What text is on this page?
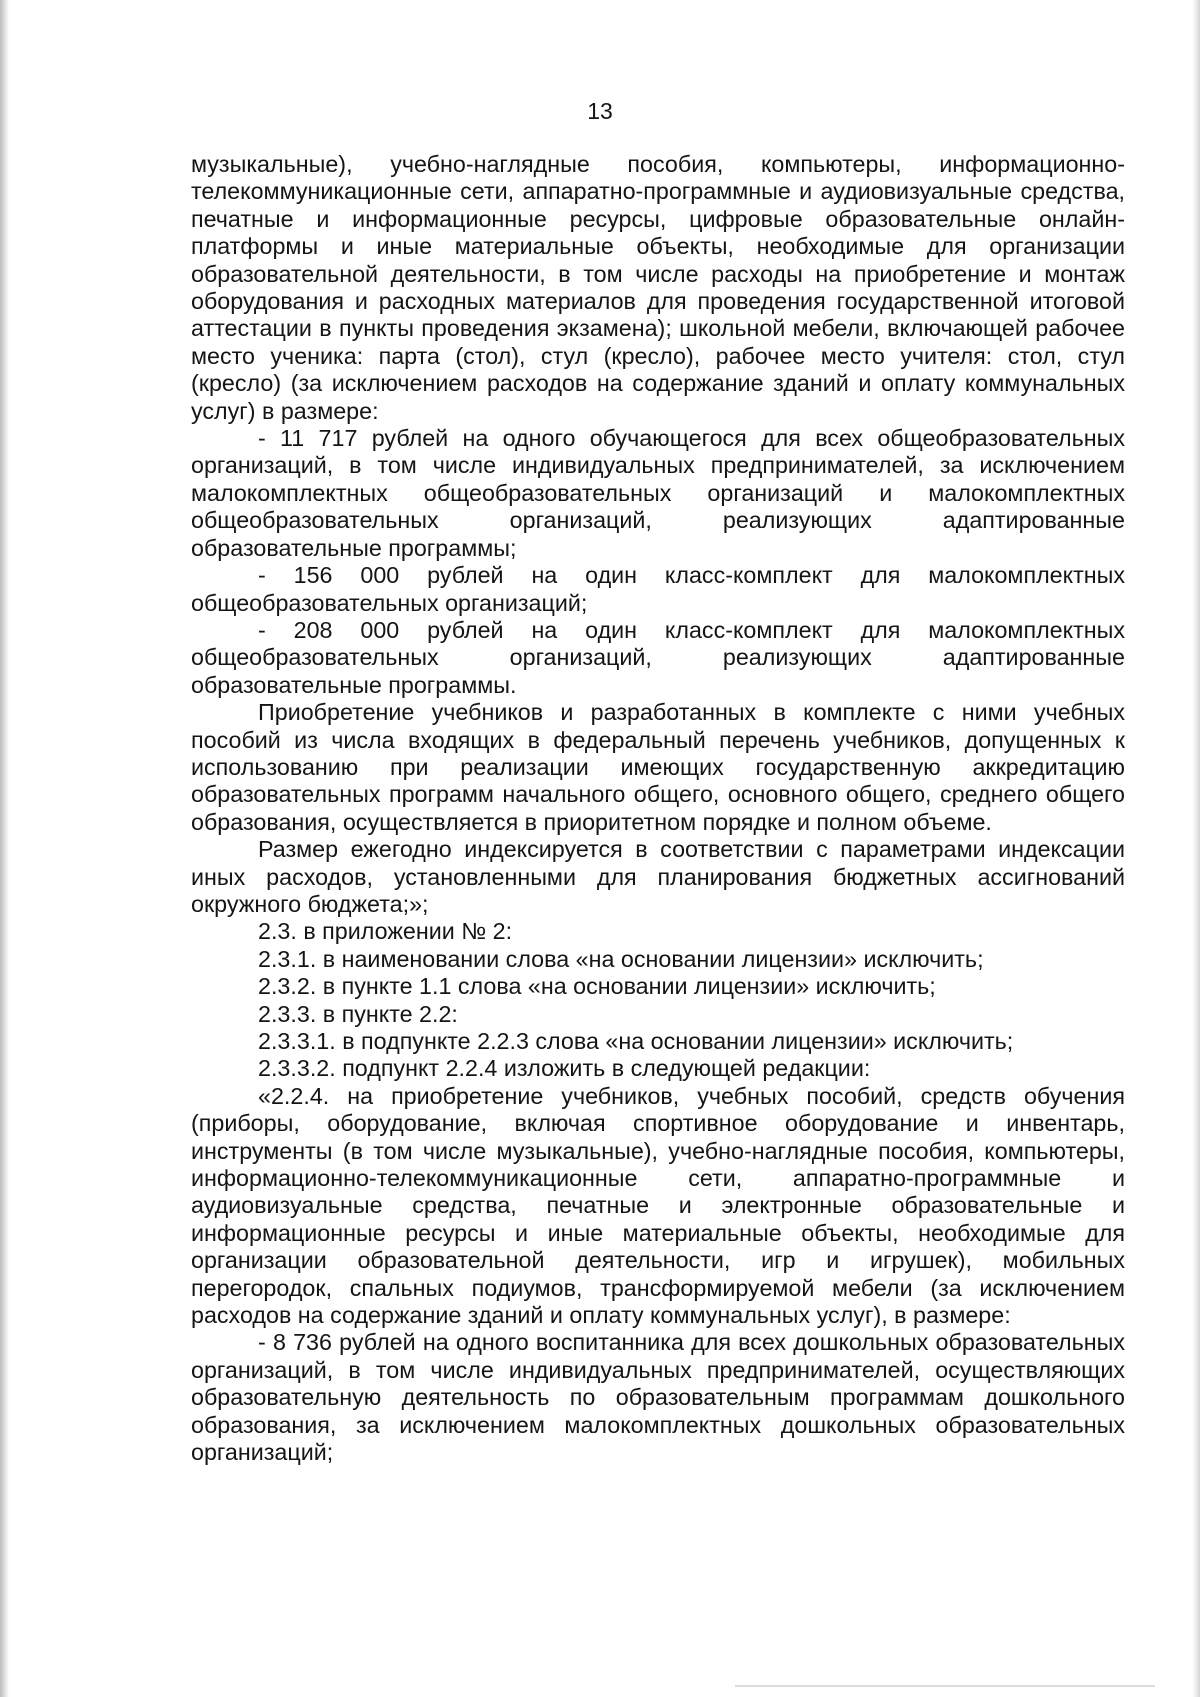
13

музыкальные), учебно-наглядные пособия, компьютеры, информационно-телекоммуникационные сети, аппаратно-программные и аудиовизуальные средства, печатные и информационные ресурсы, цифровые образовательные онлайн-платформы и иные материальные объекты, необходимые для организации образовательной деятельности, в том числе расходы на приобретение и монтаж оборудования и расходных материалов для проведения государственной итоговой аттестации в пункты проведения экзамена); школьной мебели, включающей рабочее место ученика: парта (стол), стул (кресло), рабочее место учителя: стол, стул (кресло) (за исключением расходов на содержание зданий и оплату коммунальных услуг) в размере:

- 11 717 рублей на одного обучающегося для всех общеобразовательных организаций, в том числе индивидуальных предпринимателей, за исключением малокомплектных общеобразовательных организаций и малокомплектных общеобразовательных организаций, реализующих адаптированные образовательные программы;

- 156 000 рублей на один класс-комплект для малокомплектных общеобразовательных организаций;

- 208 000 рублей на один класс-комплект для малокомплектных общеобразовательных организаций, реализующих адаптированные образовательные программы.

Приобретение учебников и разработанных в комплекте с ними учебных пособий из числа входящих в федеральный перечень учебников, допущенных к использованию при реализации имеющих государственную аккредитацию образовательных программ начального общего, основного общего, среднего общего образования, осуществляется в приоритетном порядке и полном объеме.

Размер ежегодно индексируется в соответствии с параметрами индексации иных расходов, установленными для планирования бюджетных ассигнований окружного бюджета;»;

2.3. в приложении № 2:

2.3.1. в наименовании слова «на основании лицензии» исключить;

2.3.2. в пункте 1.1 слова «на основании лицензии» исключить;

2.3.3. в пункте 2.2:

2.3.3.1. в подпункте 2.2.3 слова «на основании лицензии» исключить;

2.3.3.2. подпункт 2.2.4 изложить в следующей редакции:

«2.2.4. на приобретение учебников, учебных пособий, средств обучения (приборы, оборудование, включая спортивное оборудование и инвентарь, инструменты (в том числе музыкальные), учебно-наглядные пособия, компьютеры, информационно-телекоммуникационные сети, аппаратно-программные и аудиовизуальные средства, печатные и электронные образовательные и информационные ресурсы и иные материальные объекты, необходимые для организации образовательной деятельности, игр и игрушек), мобильных перегородок, спальных подиумов, трансформируемой мебели (за исключением расходов на содержание зданий и оплату коммунальных услуг), в размере:

- 8 736 рублей на одного воспитанника для всех дошкольных образовательных организаций, в том числе индивидуальных предпринимателей, осуществляющих образовательную деятельность по образовательным программам дошкольного образования, за исключением малокомплектных дошкольных образовательных организаций;
